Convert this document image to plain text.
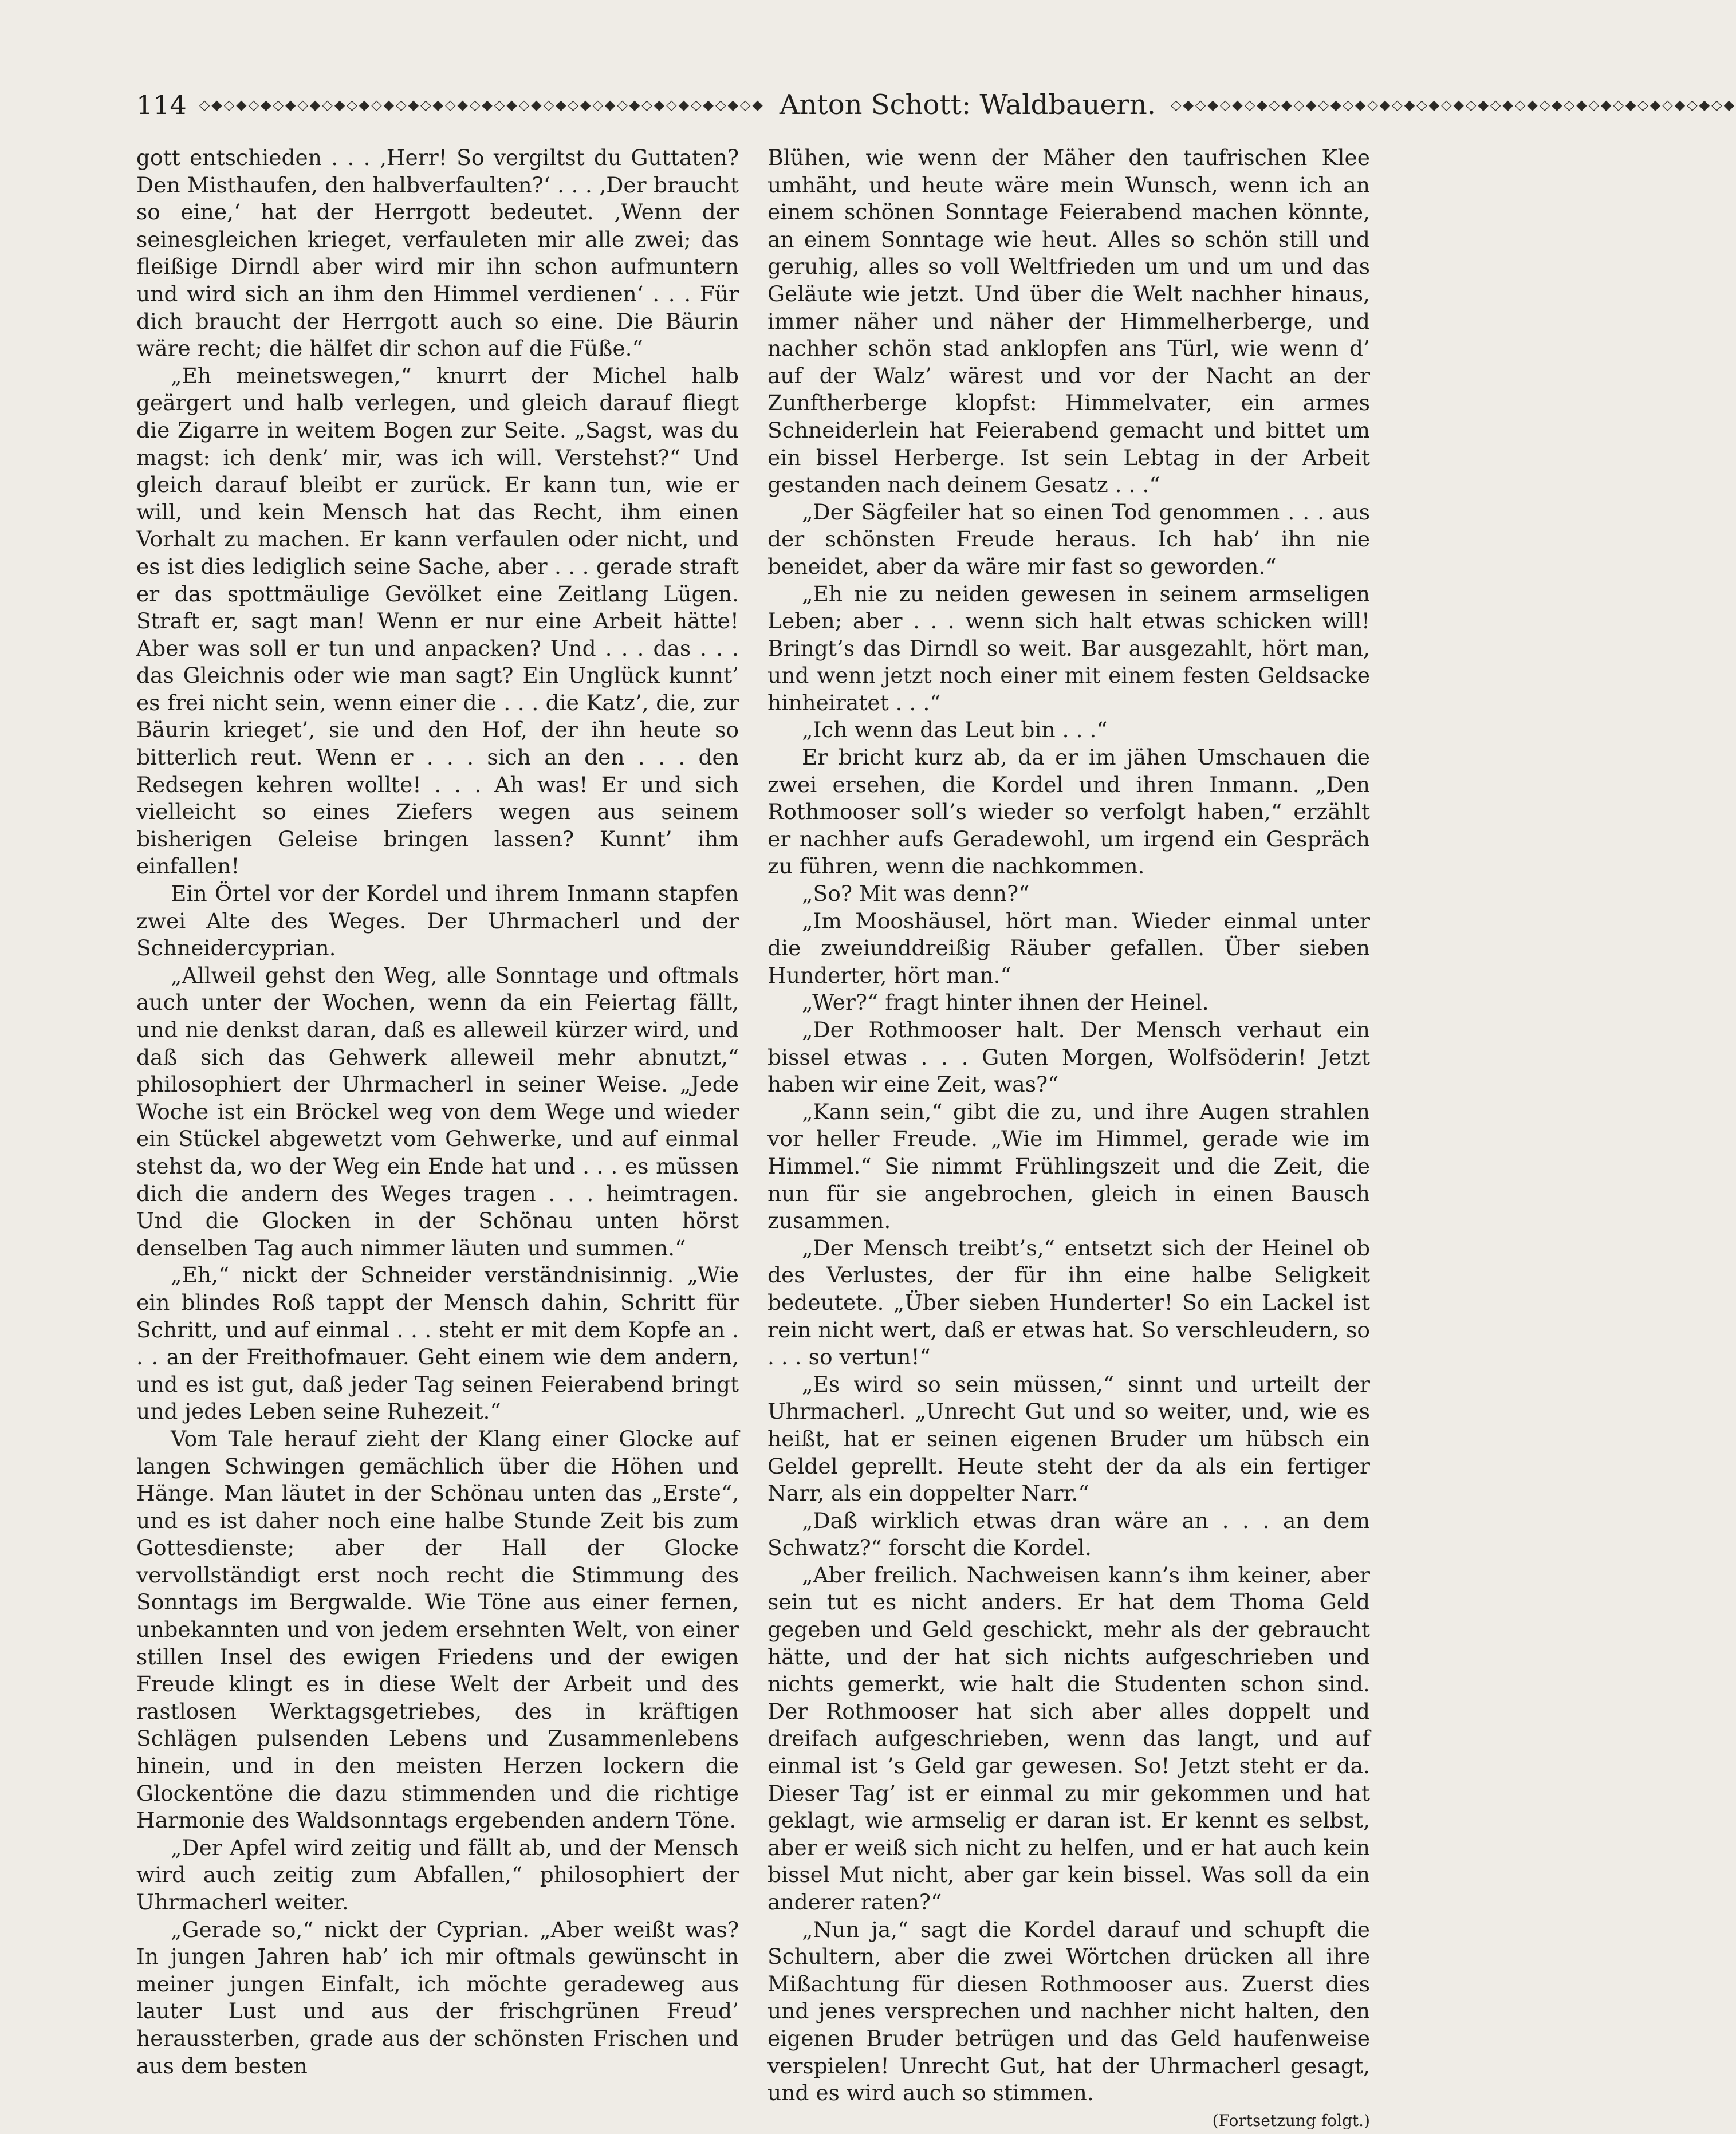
114 ◇◆◇◆◇◆◇◆◇◆◇◆◇◆◇◆◇◆◇◆◇◆◇◆◇◆◇◆◇◆◇◆◇◆◇◆◇◆◇◆◇◆◇◆◇◆ Anton Schott: Waldbauern. ◇◆◇◆◇◆◇◆◇◆◇◆◇◆◇◆◇◆◇◆◇◆◇◆◇◆◇◆◇◆◇◆◇◆◇◆◇◆◇◆◇◆◇◆◇◆

gott entschieden . . . ‚Herr! So vergiltst du Guttaten? Den Misthaufen, den halbverfaulten?‘ . . . ‚Der braucht so eine,‘ hat der Herrgott bedeutet. ‚Wenn der seinesgleichen krieget, verfauleten mir alle zwei; das fleißige Dirndl aber wird mir ihn schon aufmuntern und wird sich an ihm den Himmel verdienen‘ . . . Für dich braucht der Herrgott auch so eine. Die Bäurin wäre recht; die hälfet dir schon auf die Füße.“

„Eh meinetswegen,“ knurrt der Michel halb geärgert und halb verlegen, und gleich darauf fliegt die Zigarre in weitem Bogen zur Seite. „Sagst, was du magst: ich denk’ mir, was ich will. Verstehst?“ Und gleich darauf bleibt er zurück. Er kann tun, wie er will, und kein Mensch hat das Recht, ihm einen Vorhalt zu machen. Er kann verfaulen oder nicht, und es ist dies lediglich seine Sache, aber . . . gerade straft er das spottmäulige Gevölket eine Zeitlang Lügen. Straft er, sagt man! Wenn er nur eine Arbeit hätte! Aber was soll er tun und anpacken? Und . . . das . . . das Gleichnis oder wie man sagt? Ein Unglück kunnt’ es frei nicht sein, wenn einer die . . . die Katz’, die, zur Bäurin krieget’, sie und den Hof, der ihn heute so bitterlich reut. Wenn er . . . sich an den . . . den Redsegen kehren wollte! . . . Ah was! Er und sich vielleicht so eines Ziefers wegen aus seinem bisherigen Geleise bringen lassen? Kunnt’ ihm einfallen!

Ein Örtel vor der Kordel und ihrem Inmann stapfen zwei Alte des Weges. Der Uhrmacherl und der Schneidercyprian.

„Allweil gehst den Weg, alle Sonntage und oftmals auch unter der Wochen, wenn da ein Feiertag fällt, und nie denkst daran, daß es alleweil kürzer wird, und daß sich das Gehwerk alleweil mehr abnutzt,“ philosophiert der Uhrmacherl in seiner Weise. „Jede Woche ist ein Bröckel weg von dem Wege und wieder ein Stückel abgewetzt vom Gehwerke, und auf einmal stehst da, wo der Weg ein Ende hat und . . . es müssen dich die andern des Weges tragen . . . heimtragen. Und die Glocken in der Schönau unten hörst denselben Tag auch nimmer läuten und summen.“

„Eh,“ nickt der Schneider verständnisinnig. „Wie ein blindes Roß tappt der Mensch dahin, Schritt für Schritt, und auf einmal . . . steht er mit dem Kopfe an . . . an der Freithofmauer. Geht einem wie dem andern, und es ist gut, daß jeder Tag seinen Feierabend bringt und jedes Leben seine Ruhezeit.“

Vom Tale herauf zieht der Klang einer Glocke auf langen Schwingen gemächlich über die Höhen und Hänge. Man läutet in der Schönau unten das „Erste“, und es ist daher noch eine halbe Stunde Zeit bis zum Gottesdienste; aber der Hall der Glocke vervollständigt erst noch recht die Stimmung des Sonntags im Bergwalde. Wie Töne aus einer fernen, unbekannten und von jedem ersehnten Welt, von einer stillen Insel des ewigen Friedens und der ewigen Freude klingt es in diese Welt der Arbeit und des rastlosen Werktagsgetriebes, des in kräftigen Schlägen pulsenden Lebens und Zusammenlebens hinein, und in den meisten Herzen lockern die Glockentöne die dazu stimmenden und die richtige Harmonie des Waldsonntags ergebenden andern Töne.

„Der Apfel wird zeitig und fällt ab, und der Mensch wird auch zeitig zum Abfallen,“ philosophiert der Uhrmacherl weiter.

„Gerade so,“ nickt der Cyprian. „Aber weißt was? In jungen Jahren hab’ ich mir oftmals gewünscht in meiner jungen Einfalt, ich möchte geradeweg aus lauter Lust und aus der frischgrünen Freud’ heraussterben, grade aus der schönsten Frischen und aus dem besten

Blühen, wie wenn der Mäher den taufrischen Klee umhäht, und heute wäre mein Wunsch, wenn ich an einem schönen Sonntage Feierabend machen könnte, an einem Sonntage wie heut. Alles so schön still und geruhig, alles so voll Weltfrieden um und um und das Geläute wie jetzt. Und über die Welt nachher hinaus, immer näher und näher der Himmelherberge, und nachher schön stad anklopfen ans Türl, wie wenn d’ auf der Walz’ wärest und vor der Nacht an der Zunftherberge klopfst: Himmelvater, ein armes Schneiderlein hat Feierabend gemacht und bittet um ein bissel Herberge. Ist sein Lebtag in der Arbeit gestanden nach deinem Gesatz . . .“

„Der Sägfeiler hat so einen Tod genommen . . . aus der schönsten Freude heraus. Ich hab’ ihn nie beneidet, aber da wäre mir fast so geworden.“

„Eh nie zu neiden gewesen in seinem armseligen Leben; aber . . . wenn sich halt etwas schicken will! Bringt’s das Dirndl so weit. Bar ausgezahlt, hört man, und wenn jetzt noch einer mit einem festen Geldsacke hinheiratet . . .“

„Ich wenn das Leut bin . . .“

Er bricht kurz ab, da er im jähen Umschauen die zwei ersehen, die Kordel und ihren Inmann. „Den Rothmooser soll’s wieder so verfolgt haben,“ erzählt er nachher aufs Geradewohl, um irgend ein Gespräch zu führen, wenn die nachkommen.

„So? Mit was denn?“

„Im Mooshäusel, hört man. Wieder einmal unter die zweiunddreißig Räuber gefallen. Über sieben Hunderter, hört man.“

„Wer?“ fragt hinter ihnen der Heinel.

„Der Rothmooser halt. Der Mensch verhaut ein bissel etwas . . . Guten Morgen, Wolfsöderin! Jetzt haben wir eine Zeit, was?“

„Kann sein,“ gibt die zu, und ihre Augen strahlen vor heller Freude. „Wie im Himmel, gerade wie im Himmel.“ Sie nimmt Frühlingszeit und die Zeit, die nun für sie angebrochen, gleich in einen Bausch zusammen.

„Der Mensch treibt’s,“ entsetzt sich der Heinel ob des Verlustes, der für ihn eine halbe Seligkeit bedeutete. „Über sieben Hunderter! So ein Lackel ist rein nicht wert, daß er etwas hat. So verschleudern, so . . . so vertun!“

„Es wird so sein müssen,“ sinnt und urteilt der Uhrmacherl. „Unrecht Gut und so weiter, und, wie es heißt, hat er seinen eigenen Bruder um hübsch ein Geldel geprellt. Heute steht der da als ein fertiger Narr, als ein doppelter Narr.“

„Daß wirklich etwas dran wäre an . . . an dem Schwatz?“ forscht die Kordel.

„Aber freilich. Nachweisen kann’s ihm keiner, aber sein tut es nicht anders. Er hat dem Thoma Geld gegeben und Geld geschickt, mehr als der gebraucht hätte, und der hat sich nichts aufgeschrieben und nichts gemerkt, wie halt die Studenten schon sind. Der Rothmooser hat sich aber alles doppelt und dreifach aufgeschrieben, wenn das langt, und auf einmal ist ’s Geld gar gewesen. So! Jetzt steht er da. Dieser Tag’ ist er einmal zu mir gekommen und hat geklagt, wie armselig er daran ist. Er kennt es selbst, aber er weiß sich nicht zu helfen, und er hat auch kein bissel Mut nicht, aber gar kein bissel. Was soll da ein anderer raten?“

„Nun ja,“ sagt die Kordel darauf und schupft die Schultern, aber die zwei Wörtchen drücken all ihre Mißachtung für diesen Rothmooser aus. Zuerst dies und jenes versprechen und nachher nicht halten, den eigenen Bruder betrügen und das Geld haufenweise verspielen! Unrecht Gut, hat der Uhrmacherl gesagt, und es wird auch so stimmen.

(Fortsetzung folgt.)
